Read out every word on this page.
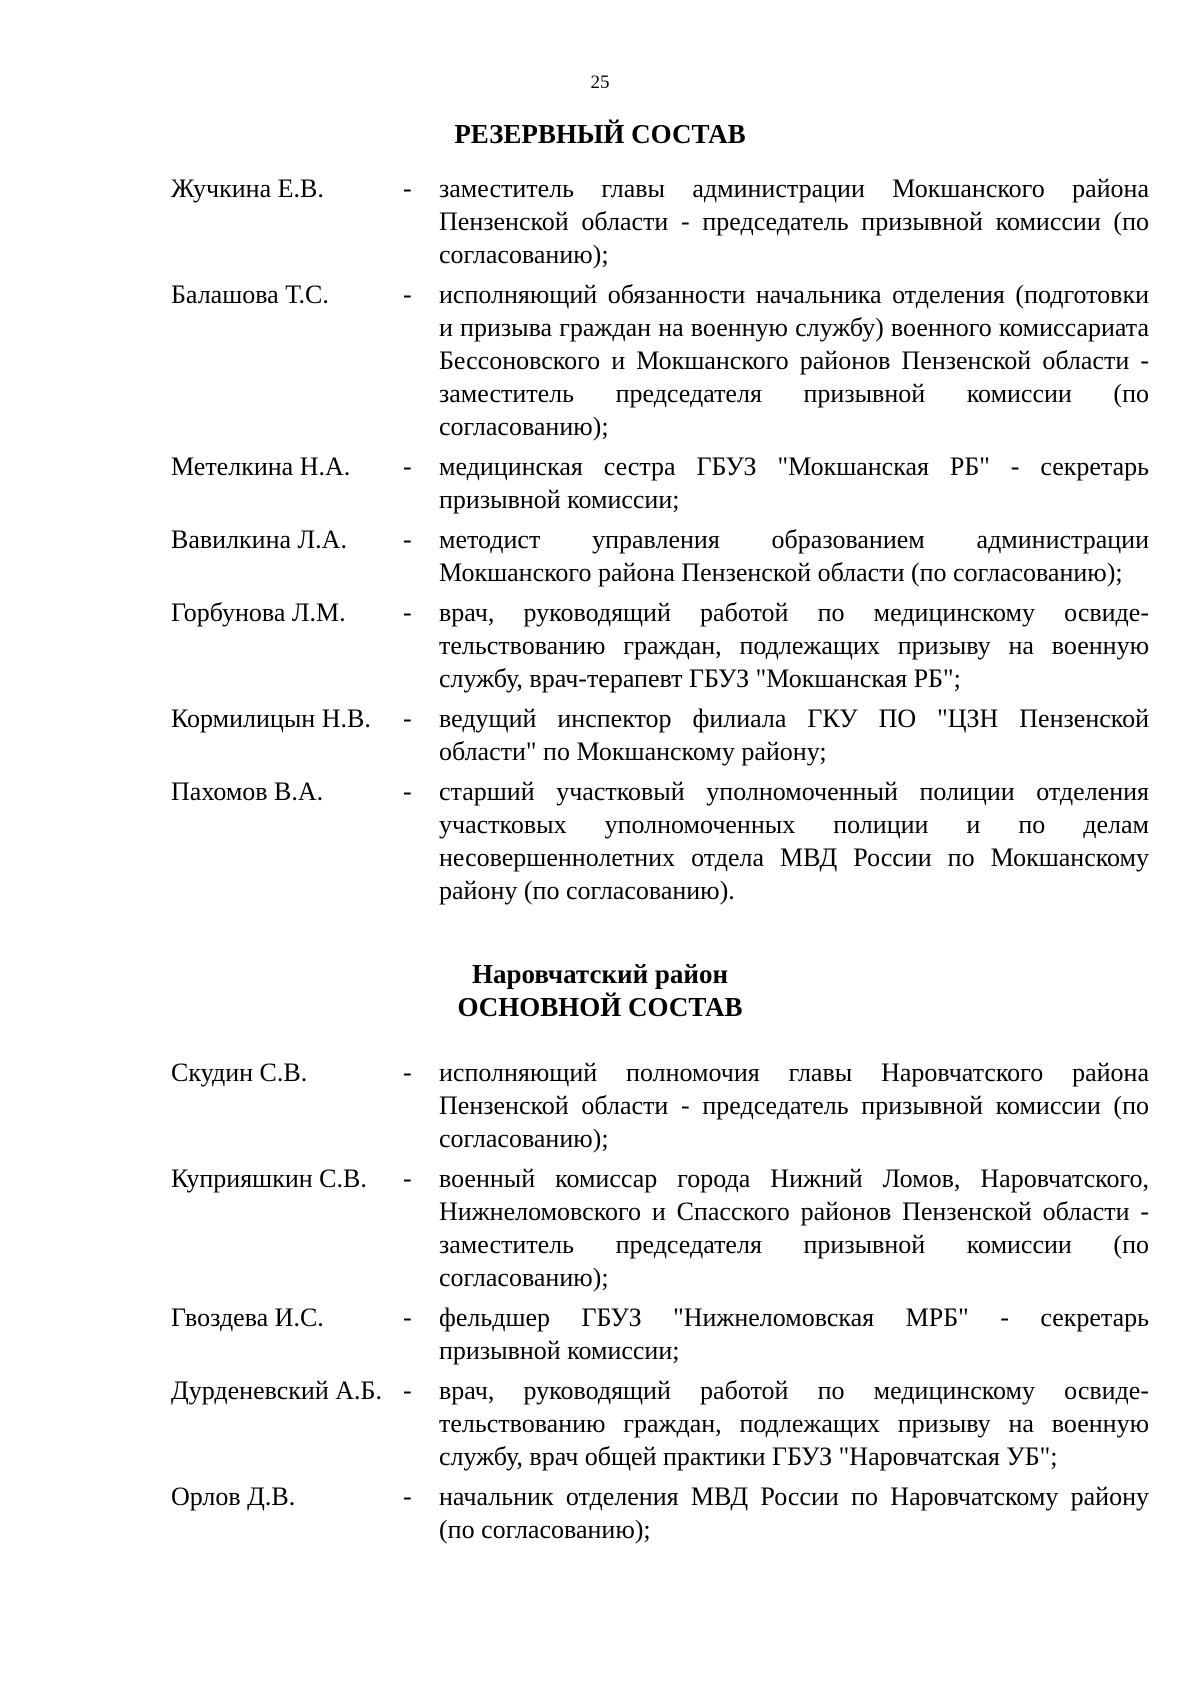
25
РЕЗЕРВНЫЙ СОСТАВ
Жучкина Е.В.	- заместитель главы администрации Мокшанского района Пензенской области - председатель призывной комиссии (по согласованию);
Балашова Т.С.	- исполняющий обязанности начальника отделения (подготовки и призыва граждан на военную службу) военного комиссариата Бессоновского и Мокшанского районов Пензенской области - заместитель председателя призывной комиссии (по согласованию);
Метелкина Н.А. - медицинская сестра ГБУЗ "Мокшанская РБ" - секретарь призывной комиссии;
Вавилкина Л.А. - методист управления образованием администрации Мокшанского района Пензенской области (по согласованию);
Горбунова Л.М. - врач, руководящий работой по медицинскому освиде-тельствованию граждан, подлежащих призыву на военную службу, врач-терапевт ГБУЗ "Мокшанская РБ";
Кормилицын Н.В. - ведущий инспектор филиала ГКУ ПО "ЦЗН Пензенской области" по Мокшанскому району;
Пахомов В.А.	- старший участковый уполномоченный полиции отделения участковых уполномоченных полиции и по делам несовершеннолетних отдела МВД России по Мокшанскому району (по согласованию).
Наровчатский район
ОСНОВНОЙ СОСТАВ
Скудин С.В.	- исполняющий полномочия главы Наровчатского района Пензенской области - председатель призывной комиссии (по согласованию);
Куприяшкин С.В. - военный комиссар города Нижний Ломов, Наровчатского, Нижнеломовского и Спасского районов Пензенской области - заместитель председателя призывной комиссии (по согласованию);
Гвоздева И.С.	- фельдшер ГБУЗ "Нижнеломовская МРБ" - секретарь призывной комиссии;
Дурденевский А.Б. - врач, руководящий работой по медицинскому освиде-тельствованию граждан, подлежащих призыву на военную службу, врач общей практики ГБУЗ "Наровчатская УБ";
Орлов Д.В.	- начальник отделения МВД России по Наровчатскому району (по согласованию);
